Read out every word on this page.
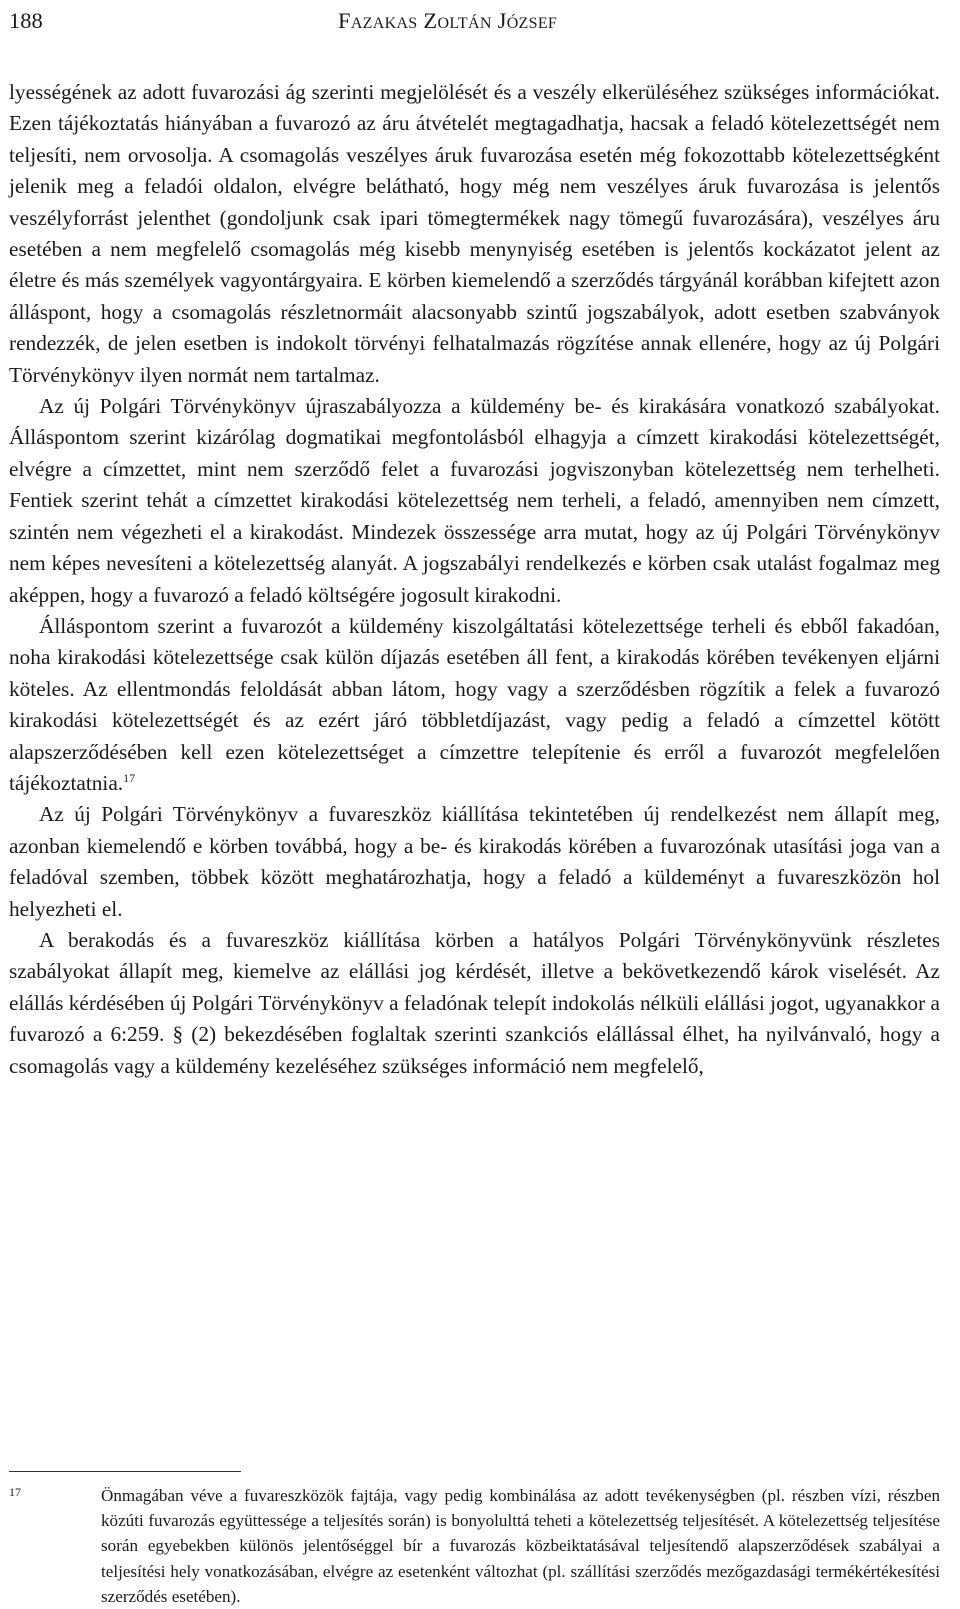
188	Fazakas Zoltán József

lyességének az adott fuvarozási ág szerinti megjelölését és a veszély elkerüléséhez szükséges információkat. Ezen tájékoztatás hiányában a fuvarozó az áru átvételét megtagadhatja, hacsak a feladó kötelezettségét nem teljesíti, nem orvosolja. A csomagolás veszélyes áruk fuvarozása esetén még fokozottabb kötelezettségként jelenik meg a feladói oldalon, elvégre belátható, hogy még nem veszélyes áruk fuvarozása is jelentős veszélyforrást jelenthet (gondoljunk csak ipari tömegtermékek nagy tömegű fuvarozására), veszélyes áru esetében a nem megfelelő csomagolás még kisebb menynyiség esetében is jelentős kockázatot jelent az életre és más személyek vagyontárgyaira. E körben kiemelendő a szerződés tárgyánál korábban kifejtett azon álláspont, hogy a csomagolás részletnormáit alacsonyabb szintű jogszabályok, adott esetben szabványok rendezzék, de jelen esetben is indokolt törvényi felhatalmazás rögzítése annak ellenére, hogy az új Polgári Törvénykönyv ilyen normát nem tartalmaz.

Az új Polgári Törvénykönyv újraszabályozza a küldemény be- és kirakására vonatkozó szabályokat. Álláspontom szerint kizárólag dogmatikai megfontolásból elhagyja a címzett kirakodási kötelezettségét, elvégre a címzettet, mint nem szerződő felet a fuvarozási jogviszonyban kötelezettség nem terhelheti. Fentiek szerint tehát a címzettet kirakodási kötelezettség nem terheli, a feladó, amennyiben nem címzett, szintén nem végezheti el a kirakodást. Mindezek összessége arra mutat, hogy az új Polgári Törvénykönyv nem képes nevesíteni a kötelezettség alanyát. A jogszabályi rendelkezés e körben csak utalást fogalmaz meg aképpen, hogy a fuvarozó a feladó költségére jogosult kirakodni.

Álláspontom szerint a fuvarozót a küldemény kiszolgáltatási kötelezettsége terheli és ebből fakadóan, noha kirakodási kötelezettsége csak külön díjazás esetében áll fent, a kirakodás körében tevékenyen eljárni köteles. Az ellentmondás feloldását abban látom, hogy vagy a szerződésben rögzítik a felek a fuvarozó kirakodási kötelezettségét és az ezért járó többletdíjazást, vagy pedig a feladó a címzettel kötött alapszerződésében kell ezen kötelezettséget a címzettre telepítenie és erről a fuvarozót megfelelően tájékoztatnia.$^{17}$

Az új Polgári Törvénykönyv a fuvareszköz kiállítása tekintetében új rendelkezést nem állapít meg, azonban kiemelendő e körben továbbá, hogy a be- és kirakodás körében a fuvarozónak utasítási joga van a feladóval szemben, többek között meghatározhatja, hogy a feladó a küldeményt a fuvareszközön hol helyezheti el.

A berakodás és a fuvareszköz kiállítása körben a hatályos Polgári Törvénykönyvünk részletes szabályokat állapít meg, kiemelve az elállási jog kérdését, illetve a bekövetkezendő károk viselését. Az elállás kérdésében új Polgári Törvénykönyv a feladónak telepít indokolás nélküli elállási jogot, ugyanakkor a fuvarozó a 6:259. § (2) bekezdésében foglaltak szerinti szankciós elállással élhet, ha nyilvánvaló, hogy a csomagolás vagy a küldemény kezeléséhez szükséges információ nem megfelelő,

17	Önmagában véve a fuvareszközök fajtája, vagy pedig kombinálása az adott tevékenységben (pl. részben vízi, részben közúti fuvarozás együttessége a teljesítés során) is bonyolulttá teheti a kötelezettség teljesítését. A kötelezettség teljesítése során egyebekben különös jelentőséggel bír a fuvarozás közbeiktatásával teljesítendő alapszerződések szabályai a teljesítési hely vonatkozásában, elvégre az esetenként változhat (pl. szállítási szerződés mezőgazdasági termékértékesítési szerződés esetében).
